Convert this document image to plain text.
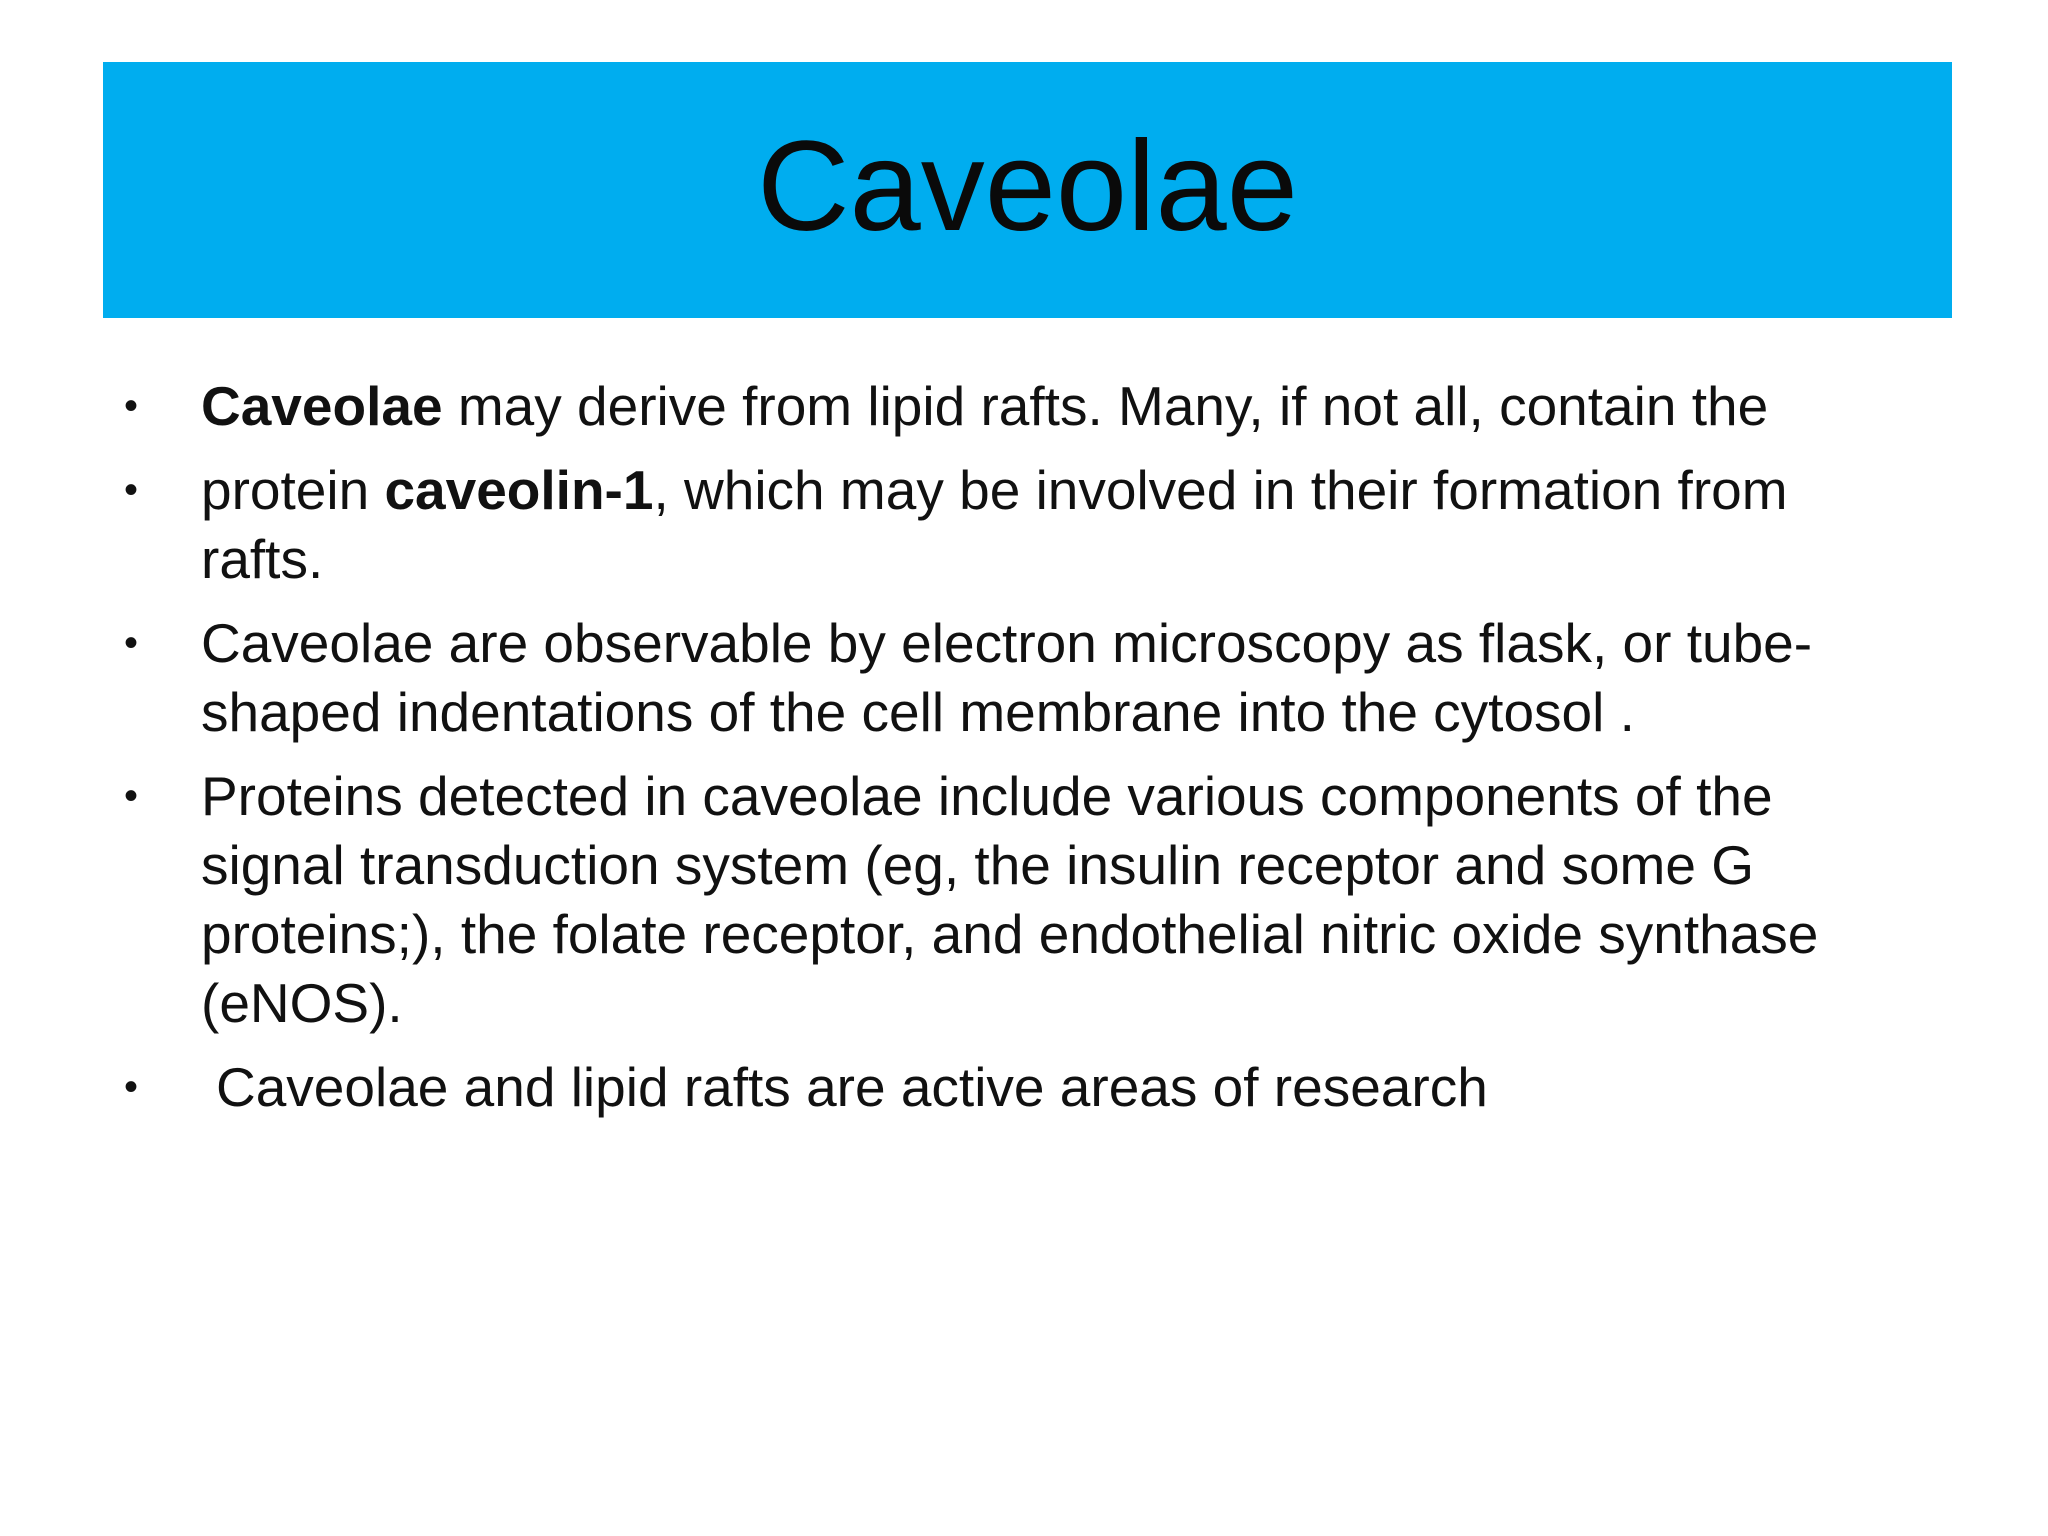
Caveolae
• Caveolae may derive from lipid rafts. Many, if not all, contain the
• protein caveolin-1, which may be involved in their formation from rafts.
• Caveolae are observable by electron microscopy as flask, or tube-shaped indentations of the cell membrane into the cytosol .
• Proteins detected in caveolae include various components of the signal transduction system (eg, the insulin receptor and some G proteins;), the folate receptor, and endothelial nitric oxide synthase (eNOS).
• Caveolae and lipid rafts are active areas of research
